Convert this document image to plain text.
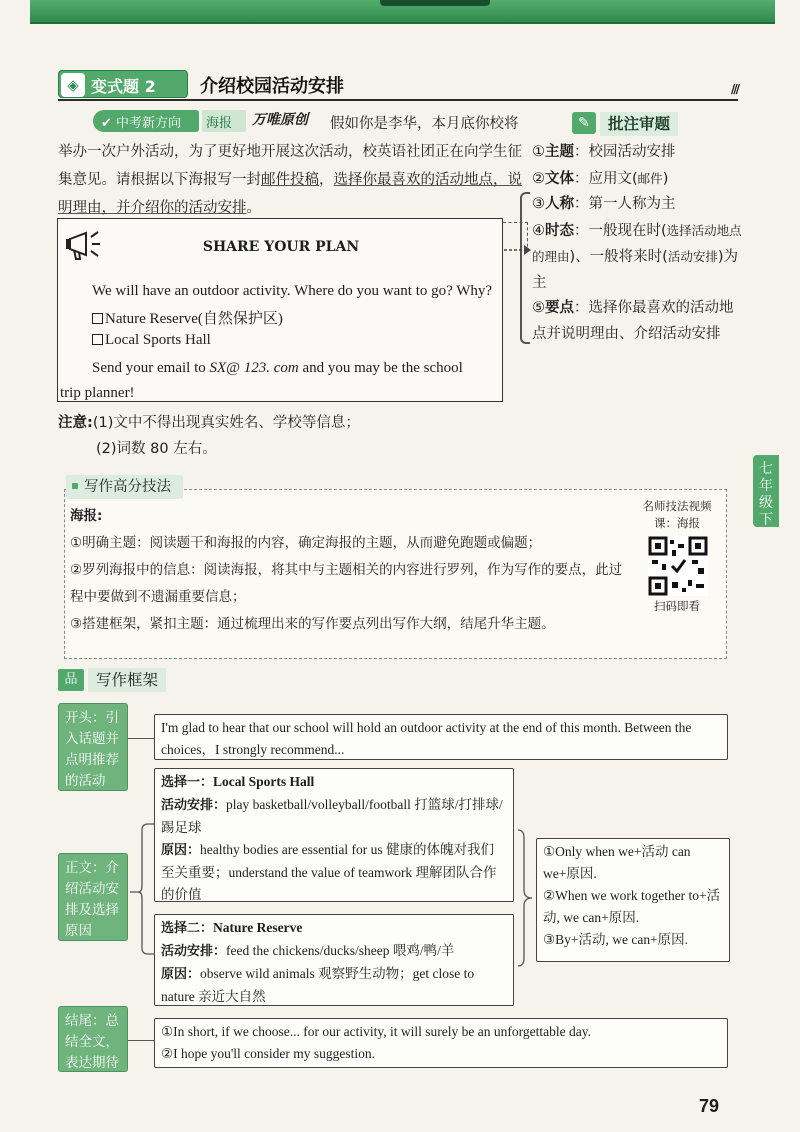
◈ 变式题 2 介绍校园活动安排	///
✔ 中考新方向	海报	万唯原创	假如你是李华，本月底你校将举办一次户外活动，为了更好地开展这次活动，校英语社团正在向学生征集意见。请根据以下海报写一封邮件投稿，选择你最喜欢的活动地点，说明理由，并介绍你的活动安排。
✎	批注审题
①主题：校园活动安排
②文体：应用文(邮件)
③人称：第一人称为主
④时态：一般现在时(选择活动地点的理由)、一般将来时(活动安排)为主
⑤要点：选择你最喜欢的活动地点并说明理由、介绍活动安排
SHARE YOUR PLAN
We will have an outdoor activity. Where do you want to go? Why?
Nature Reserve(自然保护区)
Local Sports Hall
Send your email to SX@ 123. com and you may be the school
trip planner!
注意:(1)文中不得出现真实姓名、学校等信息；
(2)词数 80 左右。
写作高分技法
海报:
①明确主题：阅读题干和海报的内容，确定海报的主题，从而避免跑题或偏题；
②罗列海报中的信息：阅读海报，将其中与主题相关的内容进行罗列，作为写作的要点，此过程中要做到不遗漏重要信息；
③搭建框架，紧扣主题：通过梳理出来的写作要点列出写作大纲，结尾升华主题。
名师技法视频课：海报
扫码即看
七年级下
品	写作框架
开头：引入话题并点明推荐的活动
I'm glad to hear that our school will hold an outdoor activity at the end of this month. Between the choices，I strongly recommend...
正文：介绍活动安排及选择原因
选择一：Local Sports Hall
活动安排：play basketball/volleyball/football 打篮球/打排球/踢足球
原因：healthy bodies are essential for us 健康的体魄对我们至关重要；understand the value of teamwork 理解团队合作的价值
选择二：Nature Reserve
活动安排：feed the chickens/ducks/sheep 喂鸡/鸭/羊
原因：observe wild animals 观察野生动物；get close to nature 亲近大自然
①Only when we+活动 can we+原因.
②When we work together to+活动, we can+原因.
③By+活动, we can+原因.
结尾：总结全文，表达期待
①In short, if we choose... for our activity, it will surely be an unforgettable day.
②I hope you'll consider my suggestion.
79
